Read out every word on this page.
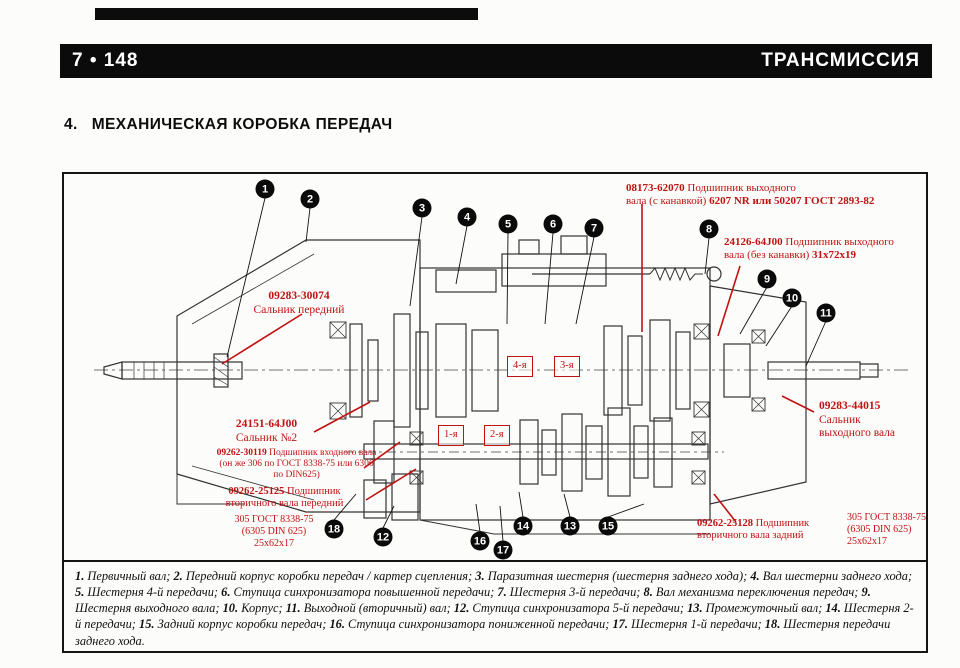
7 • 148	ТРАНСМИССИЯ
4. МЕХАНИЧЕСКАЯ КОРОБКА ПЕРЕДАЧ
1
2
3
4
5	6	7	8
9
10
11
18
12	16
17
14	13	15
4-я	3-я
1-я	2-я
09283-30074
Сальник передний
08173-62070 Подшипник выходного
вала (с канавкой) 6207 NR или 50207 ГОСТ 2893-82
24126-64J00 Подшипник выходного
вала (без канавки) 31х72х19
24151-64J00
Сальник №2
09262-30119 Подшипник входного вала
(он же 306 по ГОСТ 8338-75 или 6306
по DIN625)
09262-25125 Подшипник
вторичного вала передний
305 ГОСТ 8338-75
(6305 DIN 625)
25х62х17
09283-44015
Сальник
выходного вала
09262-25128 Подшипник
вторичного вала задний
305 ГОСТ 8338-75
(6305 DIN 625)
25х62х17
1. Первичный вал; 2. Передний корпус коробки передач / картер сцепления; 3. Паразитная шестерня (шестерня заднего хода); 4. Вал шестерни заднего хода; 5. Шестерня 4-й передачи; 6. Ступица синхронизатора повышенной передачи; 7. Шестерня 3-й передачи; 8. Вал механизма переключения передач; 9. Шестерня выходного вала; 10. Корпус; 11. Выходной (вторичный) вал; 12. Ступица синхронизатора 5-й передачи; 13. Промежуточный вал; 14. Шестерня 2-й передачи; 15. Задний корпус коробки передач; 16. Ступица синхронизатора пониженной передачи; 17. Шестерня 1-й передачи; 18. Шестерня передачи заднего хода.
